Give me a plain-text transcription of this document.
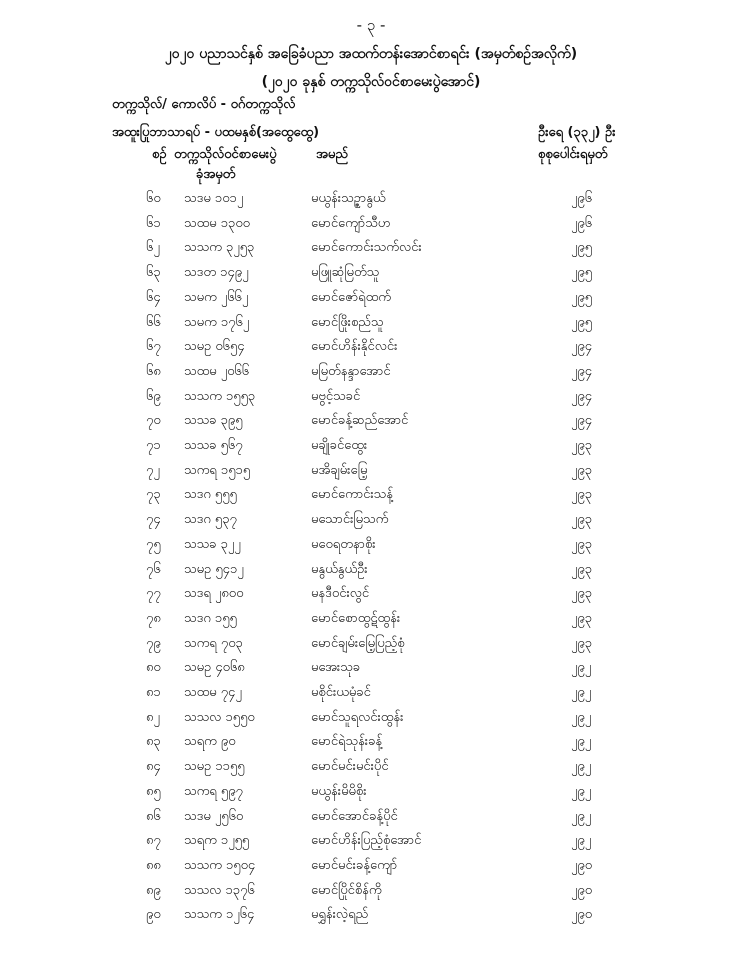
- ၃ -
၂၀၂၀ ပညာသင်နှစ် အခြေခံပညာ အထက်တန်းအောင်စာရင်း (အမှတ်စဉ်အလိုက်)
(၂၀၂၀ ခုနှစ် တက္ကသိုလ်ဝင်စာမေးပွဲအောင်)
တက္ကသိုလ်/ ကောလိပ် - ဝဂ်တက္ကသိုလ်
အထူးပြုဘာသာရပ် - ပထမနှစ်(အထွေထွေ)	ဦးရေ (၃၃၂) ဦး
စဉ် တက္ကသိုလ်ဝင်စာမေးပွဲ
ခုံအမှတ်
အမည်	စုစုပေါင်းရမှတ်
၆၀ သဒမ ၁၀၁၂	မယွန်းသဥ္ဇာနွယ်	၂၉၆
၆၁ သထမ ၁၃၀၀	မောင်ကျော်သီဟ	၂၉၆
၆၂ သသက ၃၂၅၃	မောင်ကောင်းသက်လင်း	၂၉၅
၆၃ သဒတ ၁၄၉၂	မဖြူဆုံမြတ်သူ	၂၉၅
၆၄ သမက ၂၆၆၂	မောင်ဇော်ရဲထက်	၂၉၅
၆၆ သမက ၁၇၆၂	မောင်ဖြိုးစည်သူ	၂၉၅
၆၇ သမဥ ၀၆၅၄	မောင်ဟိန်းနိုင်လင်း	၂၉၄
၆၈ သထမ ၂၀၆၆	မမြတ်နန္ဒာအောင်	၂၉၄
၆၉ သသက ၁၅၅၃	မဗွင့်သခင်	၂၉၄
၇၀ သသခ ၃၉၅	မောင်ခန့်ဆည်အောင်	၂၉၄
၇၁ သသခ ၅၆၇	မချိုခင်ထွေး	၂၉၃
၇၂ သကရ ၁၅၁၅	မအိချမ်းမြေ့	၂၉၃
၇၃ သဒဂ ၅၅၅	မောင်ကောင်းသန့်	၂၉၃
၇၄ သဒဂ ၅၃၇	မသောင်းမြသက်	၂၉၃
၇၅ သသခ ၃၂၂	မဝေရတနာစိုး	၂၉၃
၇၆ သမဥ ၅၄၁၂	မနွယ်နွယ်ဦး	၂၉၃
၇၇ သဒရ ၂၈၀၀	မနဒီဝင်းလွင်	၂၉၃
၇၈ သဒဂ ၁၅၅	မောင်စောထွဋ်ထွန်း	၂၉၃
၇၉ သကရ ၇၀၃	မောင်ချမ်းမြေ့ပြည့်စုံ	၂၉၃
၈၀ သမဥ ၄၀၆၈	မအေးသုခ	၂၉၂
၈၁ သထမ ၇၄၂	မစိုင်းယမုံခင်	၂၉၂
၈၂ သသလ ၁၅၅၀	မောင်သူရလင်းထွန်း	၂၉၂
၈၃ သရက ၉၀	မောင်ရဲသုန်းခန့်	၂၉၂
၈၄ သမဥ ၁၁၅၅	မောင်မင်းမင်းပိုင်	၂၉၂
၈၅ သကရ ၅၉၇	မယွန်းမိမိစိုး	၂၉၂
၈၆ သဒမ ၂၅၆၀	မောင်အောင်ခန့်ပိုင်	၂၉၂
၈၇ သရက ၁၂၅၅	မောင်ဟိန်းပြည့်စုံအောင်	၂၉၂
၈၈ သသက ၁၅၀၄	မောင်မင်းခန့်ကျော်	၂၉၀
၈၉ သသလ ၁၃၇၆	မောင်ပြိုင်စိန်ကို	၂၉၀
၉၀ သသက ၁၂၆၄	မရွှန်းလဲ့ရည်	၂၉၀
